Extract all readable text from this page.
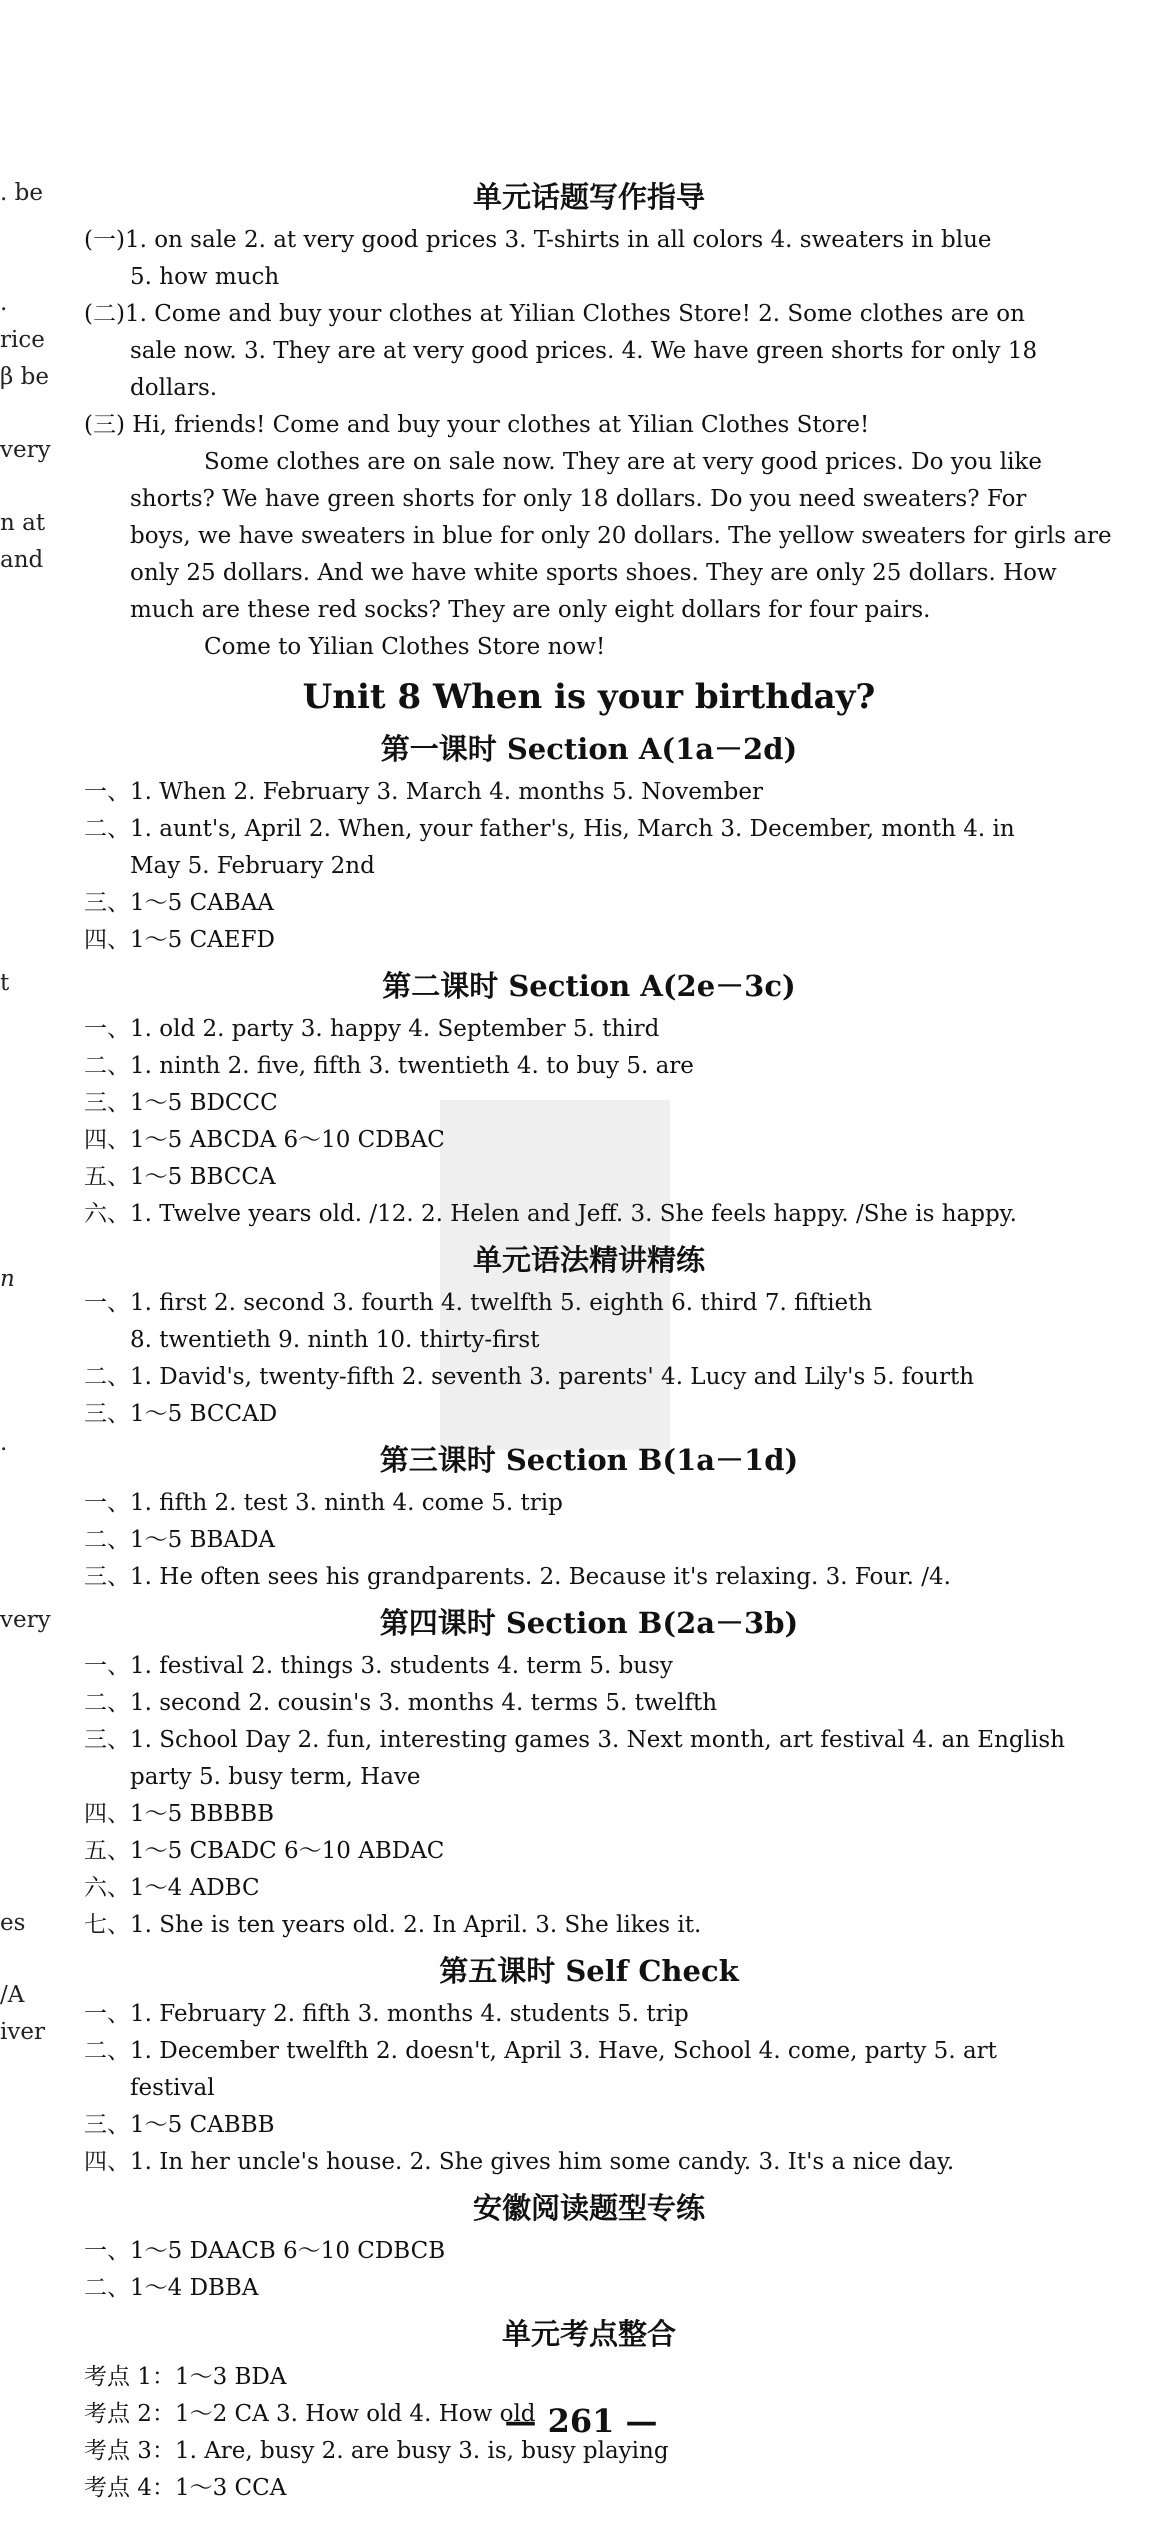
. be
.
rice
β be
very
n at
and
t
n
.
very
es
/A
iver
单元话题写作指导
(一)1. on sale 2. at very good prices 3. T-shirts in all colors 4. sweaters in blue
5. how much
(二)1. Come and buy your clothes at Yilian Clothes Store! 2. Some clothes are on
sale now. 3. They are at very good prices. 4. We have green shorts for only 18
dollars.
(三) Hi, friends! Come and buy your clothes at Yilian Clothes Store!
Some clothes are on sale now. They are at very good prices. Do you like
shorts? We have green shorts for only 18 dollars. Do you need sweaters? For
boys, we have sweaters in blue for only 20 dollars. The yellow sweaters for girls are
only 25 dollars. And we have white sports shoes. They are only 25 dollars. How
much are these red socks? They are only eight dollars for four pairs.
Come to Yilian Clothes Store now!
Unit 8 When is your birthday?
第一课时 Section A(1a－2d)
一、1. When 2. February 3. March 4. months 5. November
二、1. aunt's, April 2. When, your father's, His, March 3. December, month 4. in
May 5. February 2nd
三、1～5 CABAA
四、1～5 CAEFD
第二课时 Section A(2e－3c)
一、1. old 2. party 3. happy 4. September 5. third
二、1. ninth 2. five, fifth 3. twentieth 4. to buy 5. are
三、1～5 BDCCC
四、1～5 ABCDA 6～10 CDBAC
五、1～5 BBCCA
六、1. Twelve years old. /12. 2. Helen and Jeff. 3. She feels happy. /She is happy.
单元语法精讲精练
一、1. first 2. second 3. fourth 4. twelfth 5. eighth 6. third 7. fiftieth
8. twentieth 9. ninth 10. thirty-first
二、1. David's, twenty-fifth 2. seventh 3. parents' 4. Lucy and Lily's 5. fourth
三、1～5 BCCAD
第三课时 Section B(1a－1d)
一、1. fifth 2. test 3. ninth 4. come 5. trip
二、1～5 BBADA
三、1. He often sees his grandparents. 2. Because it's relaxing. 3. Four. /4.
第四课时 Section B(2a－3b)
一、1. festival 2. things 3. students 4. term 5. busy
二、1. second 2. cousin's 3. months 4. terms 5. twelfth
三、1. School Day 2. fun, interesting games 3. Next month, art festival 4. an English
party 5. busy term, Have
四、1～5 BBBBB
五、1～5 CBADC 6～10 ABDAC
六、1～4 ADBC
七、1. She is ten years old. 2. In April. 3. She likes it.
第五课时 Self Check
一、1. February 2. fifth 3. months 4. students 5. trip
二、1. December twelfth 2. doesn't, April 3. Have, School 4. come, party 5. art
festival
三、1～5 CABBB
四、1. In her uncle's house. 2. She gives him some candy. 3. It's a nice day.
安徽阅读题型专练
一、1～5 DAACB 6～10 CDBCB
二、1～4 DBBA
单元考点整合
考点 1：1～3 BDA
考点 2：1～2 CA 3. How old 4. How old
考点 3：1. Are, busy 2. are busy 3. is, busy playing
考点 4：1～3 CCA
— 261 —
